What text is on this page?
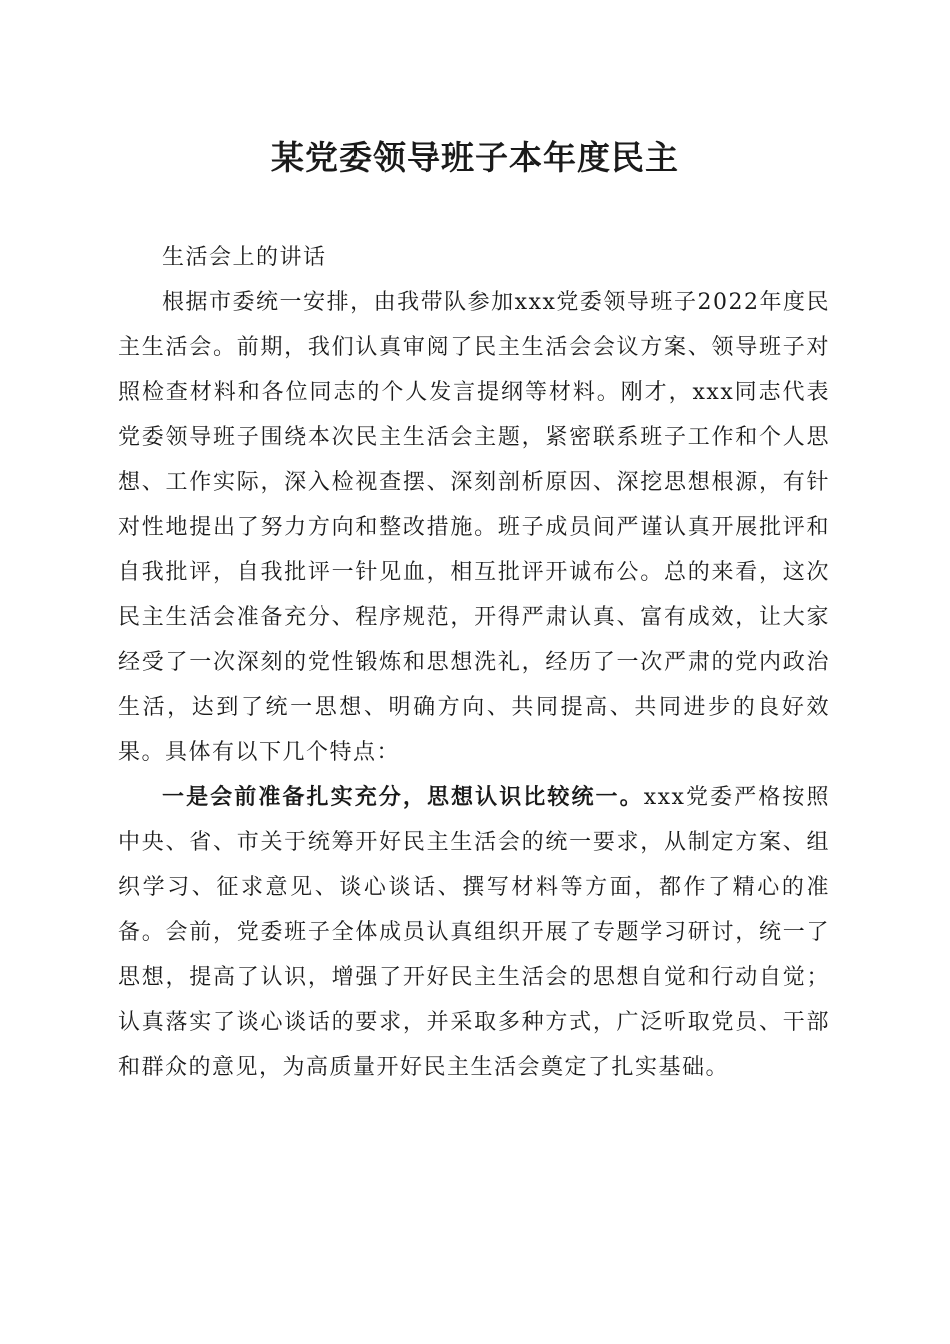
某党委领导班子本年度民主

生活会上的讲话

根据市委统一安排，由我带队参加xxx党委领导班子2022年度民主生活会。前期，我们认真审阅了民主生活会会议方案、领导班子对照检查材料和各位同志的个人发言提纲等材料。刚才，xxx同志代表党委领导班子围绕本次民主生活会主题，紧密联系班子工作和个人思想、工作实际，深入检视查摆、深刻剖析原因、深挖思想根源，有针对性地提出了努力方向和整改措施。班子成员间严谨认真开展批评和自我批评，自我批评一针见血，相互批评开诚布公。总的来看，这次民主生活会准备充分、程序规范，开得严肃认真、富有成效，让大家经受了一次深刻的党性锻炼和思想洗礼，经历了一次严肃的党内政治生活，达到了统一思想、明确方向、共同提高、共同进步的良好效果。具体有以下几个特点：

一是会前准备扎实充分，思想认识比较统一。xxx党委严格按照中央、省、市关于统筹开好民主生活会的统一要求，从制定方案、组织学习、征求意见、谈心谈话、撰写材料等方面，都作了精心的准备。会前，党委班子全体成员认真组织开展了专题学习研讨，统一了思想，提高了认识，增强了开好民主生活会的思想自觉和行动自觉；认真落实了谈心谈话的要求，并采取多种方式，广泛听取党员、干部和群众的意见，为高质量开好民主生活会奠定了扎实基础。
